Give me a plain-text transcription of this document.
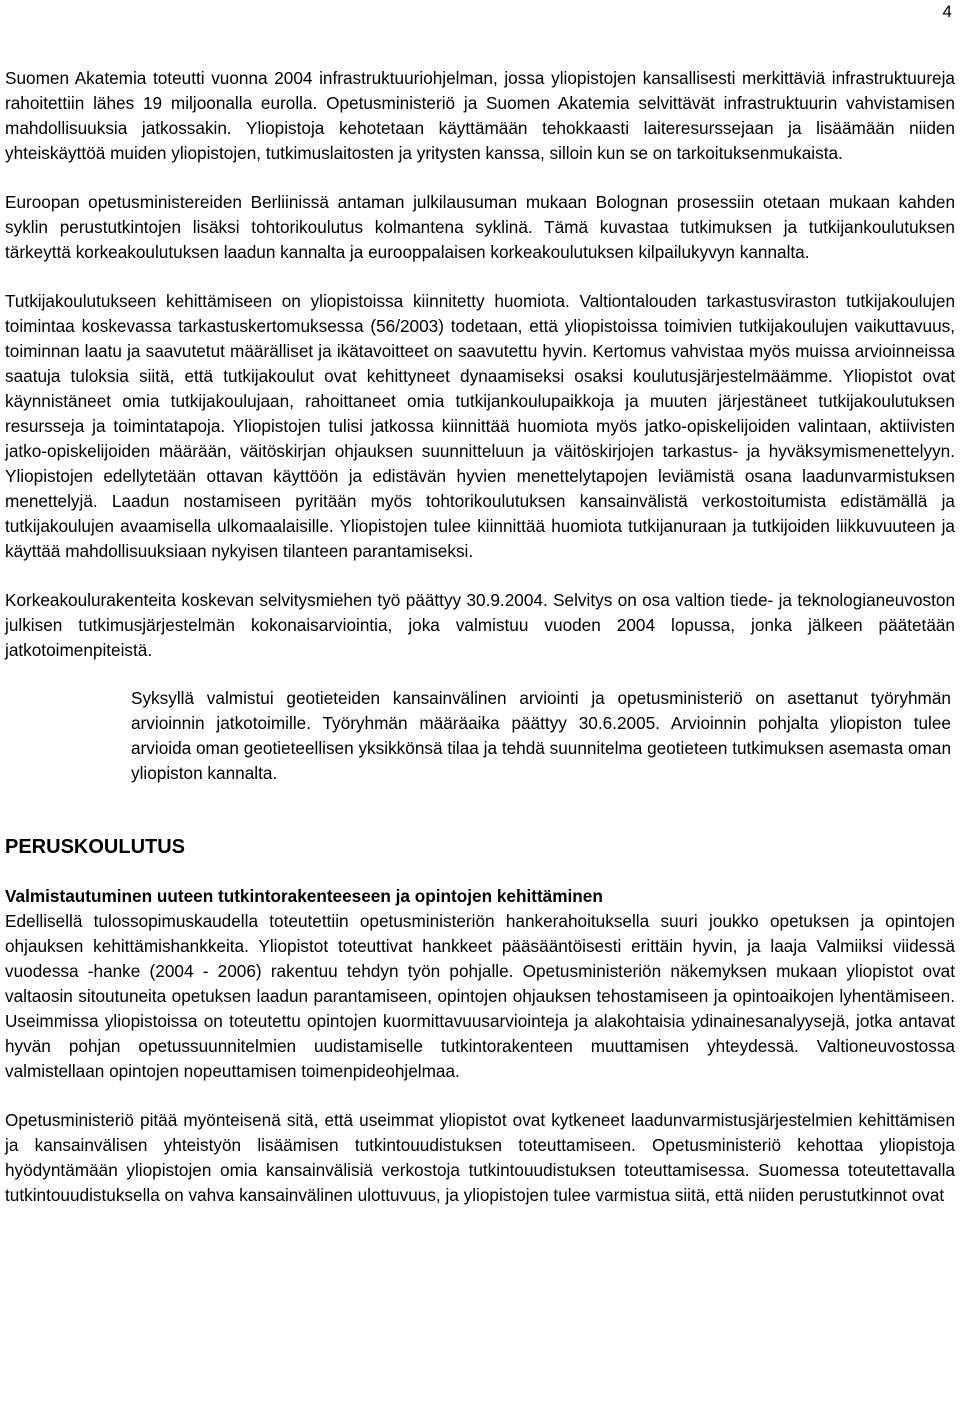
4

Suomen Akatemia toteutti vuonna 2004 infrastruktuuriohjelman, jossa yliopistojen kansallisesti merkittäviä infrastruktuureja rahoitettiin lähes 19 miljoonalla eurolla. Opetusministeriö ja Suomen Akatemia selvittävät infrastruktuurin vahvistamisen mahdollisuuksia jatkossakin. Yliopistoja kehotetaan käyttämään tehokkaasti laiteresurssejaan ja lisäämään niiden yhteiskäyttöä muiden yliopistojen, tutkimuslaitosten ja yritysten kanssa, silloin kun se on tarkoituksenmukaista.

Euroopan opetusministereiden Berliinissä antaman julkilausuman mukaan Bolognan prosessiin otetaan mukaan kahden syklin perustutkintojen lisäksi tohtorikoulutus kolmantena syklinä. Tämä kuvastaa tutkimuksen ja tutkijankoulutuksen tärkeyttä korkeakoulutuksen laadun kannalta ja eurooppalaisen korkeakoulutuksen kilpailukyvyn kannalta.

Tutkijakoulutukseen kehittämiseen on yliopistoissa kiinnitetty huomiota. Valtiontalouden tarkastusviraston tutkijakoulujen toimintaa koskevassa tarkastuskertomuksessa (56/2003) todetaan, että yliopistoissa toimivien tutkijakoulujen vaikuttavuus, toiminnan laatu ja saavutetut määrälliset ja ikätavoitteet on saavutettu hyvin. Kertomus vahvistaa myös muissa arvioinneissa saatuja tuloksia siitä, että tutkijakoulut ovat kehittyneet dynaamiseksi osaksi koulutusjärjestelmäämme. Yliopistot ovat käynnistäneet omia tutkijakoulujaan, rahoittaneet omia tutkijankoulupaikkoja ja muuten järjestäneet tutkijakoulutuksen resursseja ja toimintatapoja. Yliopistojen tulisi jatkossa kiinnittää huomiota myös jatko-opiskelijoiden valintaan, aktiivisten jatko-opiskelijoiden määrään, väitöskirjan ohjauksen suunnitteluun ja väitöskirjojen tarkastus- ja hyväksymismenettelyyn. Yliopistojen edellytetään ottavan käyttöön ja edistävän hyvien menettelytapojen leviämistä osana laadunvarmistuksen menettelyjä. Laadun nostamiseen pyritään myös tohtorikoulutuksen kansainvälistä verkostoitumista edistämällä ja tutkijakoulujen avaamisella ulkomaalaisille. Yliopistojen tulee kiinnittää huomiota tutkijanuraan ja tutkijoiden liikkuvuuteen ja käyttää mahdollisuuksiaan nykyisen tilanteen parantamiseksi.

Korkeakoulurakenteita koskevan selvitysmiehen työ päättyy 30.9.2004. Selvitys on osa valtion tiede- ja teknologianeuvoston julkisen tutkimusjärjestelmän kokonaisarviointia, joka valmistuu vuoden 2004 lopussa, jonka jälkeen päätetään jatkotoimenpiteistä.

Syksyllä valmistui geotieteiden kansainvälinen arviointi ja opetusministeriö on asettanut työryhmän arvioinnin jatkotoimille. Työryhmän määräaika päättyy 30.6.2005. Arvioinnin pohjalta yliopiston tulee arvioida oman geotieteellisen yksikkönsä tilaa ja tehdä suunnitelma geotieteen tutkimuksen asemasta oman yliopiston kannalta.

PERUSKOULUTUS
Valmistautuminen uuteen tutkintorakenteeseen ja opintojen kehittäminen

Edellisellä tulossopimuskaudella toteutettiin opetusministeriön hankerahoituksella suuri joukko opetuksen ja opintojen ohjauksen kehittämishankkeita. Yliopistot toteuttivat hankkeet pääsääntöisesti erittäin hyvin, ja laaja Valmiiksi viidessä vuodessa -hanke (2004 - 2006) rakentuu tehdyn työn pohjalle. Opetusministeriön näkemyksen mukaan yliopistot ovat valtaosin sitoutuneita opetuksen laadun parantamiseen, opintojen ohjauksen tehostamiseen ja opintoaikojen lyhentämiseen. Useimmissa yliopistoissa on toteutettu opintojen kuormittavuusarviointeja ja alakohtaisia ydinainesanalyysejä, jotka antavat hyvän pohjan opetussuunnitelmien uudistamiselle tutkintorakenteen muuttamisen yhteydessä. Valtioneuvostossa valmistellaan opintojen nopeuttamisen toimenpideohjelmaa.

Opetusministeriö pitää myönteisenä sitä, että useimmat yliopistot ovat kytkeneet laadunvarmistusjärjestelmien kehittämisen ja kansainvälisen yhteistyön lisäämisen tutkintouudistuksen toteuttamiseen. Opetusministeriö kehottaa yliopistoja hyödyntämään yliopistojen omia kansainvälisiä verkostoja tutkintouudistuksen toteuttamisessa. Suomessa toteutettavalla tutkintouudistuksella on vahva kansainvälinen ulottuvuus, ja yliopistojen tulee varmistua siitä, että niiden perustutkinnot ovat
